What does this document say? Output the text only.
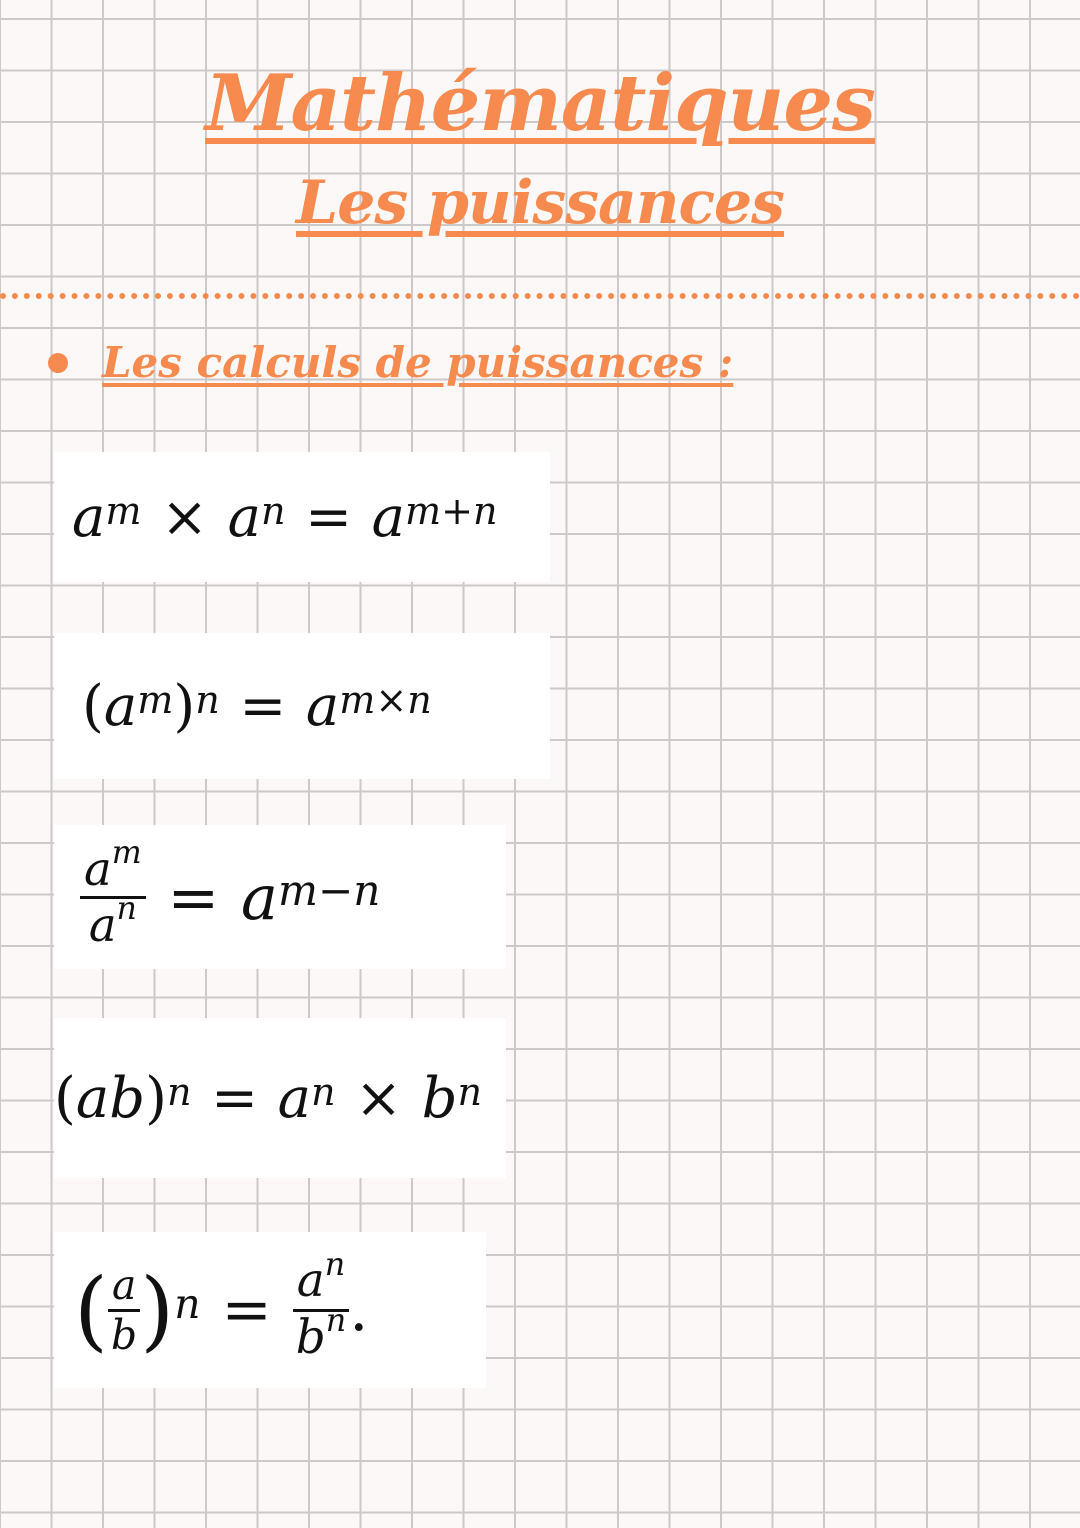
Mathématiques
Les puissances
Les calculs de puissances :
$a^m \times a^n = a^{m+n}$
( $a^m$ )$^n = a^{m\times n}$
$\frac{a^m}{a^n} = a^{m-n}$
( ab )$^n = a^n \times b^n$
( $\frac{a}{b} )^n = \frac{a^n}{b^n}$ .
